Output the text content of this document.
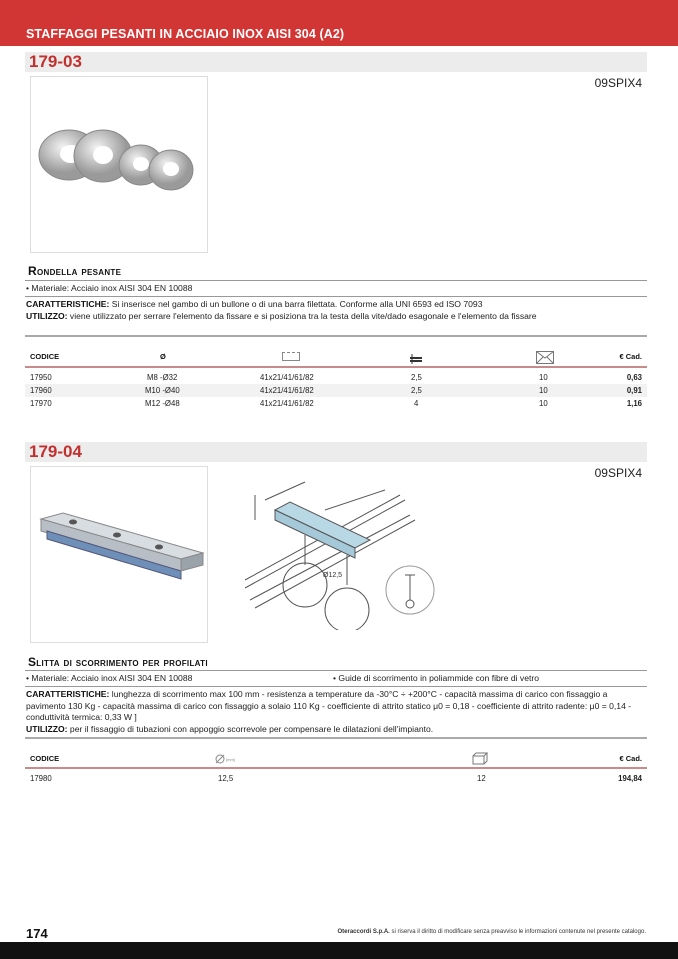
STAFFAGGI PESANTI IN ACCIAIO INOX AISI 304 (A2)
179-03
09SPIX4
Rondella pesante
• Materiale: Acciaio inox AISI 304 EN 10088
CARATTERISTICHE: Si inserisce nel gambo di un bullone o di una barra filettata. Conforme alla UNI 6593 ed ISO 7093
UTILIZZO: viene utilizzato per serrare l'elemento da fissare e si posiziona tra la testa della vite/dado esagonale e l'elemento da fissare
CODICE	Ø	€ Cad.
17950	M8 -Ø32	41x21/41/61/82	2,5	10	0,63
17960	M10 -Ø40	41x21/41/61/82	2,5	10	0,91
17970	M12 -Ø48	41x21/41/61/82	4	10	1,16
179-04
09SPIX4
Ø12,5
Slitta di scorrimento per profilati
• Materiale: Acciaio inox AISI 304 EN 10088	• Guide di scorrimento in poliammide con fibre di vetro
CARATTERISTICHE: lunghezza di scorrimento max 100 mm - resistenza a temperature da -30°C ÷ +200°C - capacità massima di carico con fissaggio a pavimento 130 Kg - capacità massima di carico con fissaggio a solaio 110 Kg - coefficiente di attrito statico μ0 = 0,18 - coefficiente di attrito radente: μ0 = 0,14 - conduttività termica: 0,33 W ]
UTILIZZO: per il fissaggio di tubazioni con appoggio scorrevole per compensare le dilatazioni dell'impianto.
CODICE	[mm]	€ Cad.
17980	12,5	12	194,84
174	Oteraccordi S.p.A. si riserva il diritto di modificare senza preavviso le informazioni contenute nel presente catalogo.
